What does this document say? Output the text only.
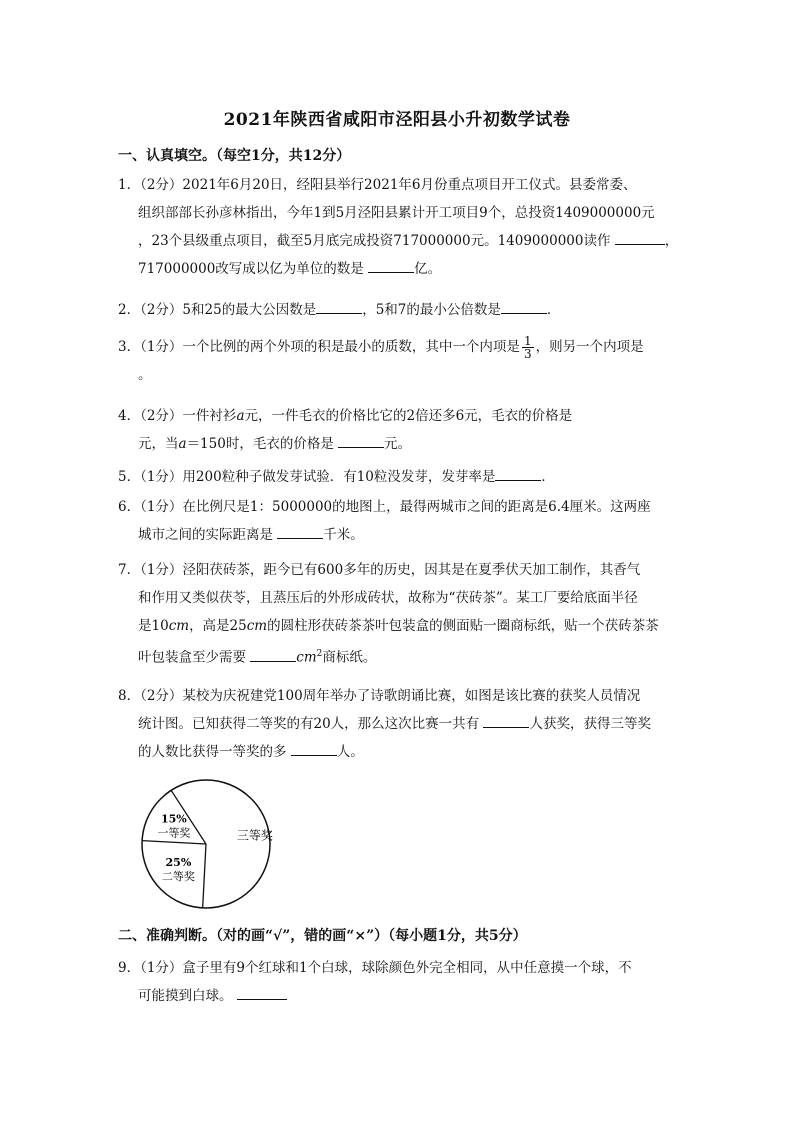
2021年陕西省咸阳市泾阳县小升初数学试卷
一、认真填空。（每空1分，共12分）
1．（2分）2021年6月20日，经阳县举行2021年6月份重点项目开工仪式。县委常委、
组织部部长孙彦林指出，今年1到5月泾阳县累计开工项目9个，总投资1409000000元
，23个县级重点项目，截至5月底完成投资717000000元。1409000000读作	，
717000000改写成以亿为单位的数是	亿。
2．（2分）5和25的最大公因数是	，5和7的最小公倍数是	．
3．（1分）一个比例的两个外项的积是最小的质数，其中一个内项是 $\frac{1}{3}$ ，则另一个内项是
。
4．（2分）一件衬衫a元，一件毛衣的价格比它的2倍还多6元，毛衣的价格是
元，当a＝150时，毛衣的价格是	元。
5．（1分）用200粒种子做发芽试验．有10粒没发芽，发芽率是	．
6．（1分）在比例尺是1：5000000的地图上，最得两城市之间的距离是6.4厘米。这两座
城市之间的实际距离是	千米。
7．（1分）泾阳茯砖茶，距今已有600多年的历史，因其是在夏季伏天加工制作，其香气
和作用又类似茯苓，且蒸压后的外形成砖状，故称为“茯砖茶”。某工厂要给底面半径
是10cm，高是25cm的圆柱形茯砖茶茶叶包装盒的侧面贴一圈商标纸，贴一个茯砖茶茶
叶包装盒至少需要	$cm^2$商标纸。
8．（2分）某校为庆祝建党100周年举办了诗歌朗诵比赛，如图是该比赛的获奖人员情况
统计图。已知获得二等奖的有20人，那么这次比赛一共有	人获奖，获得三等奖
的人数比获得一等奖的多	人。
15%
一等奖
25%
二等奖
三等奖
二、准确判断。（对的画“√”，错的画“×”）（每小题1分，共5分）
9．（1分）盒子里有9个红球和1个白球，球除颜色外完全相同，从中任意摸一个球，不
可能摸到白球。
